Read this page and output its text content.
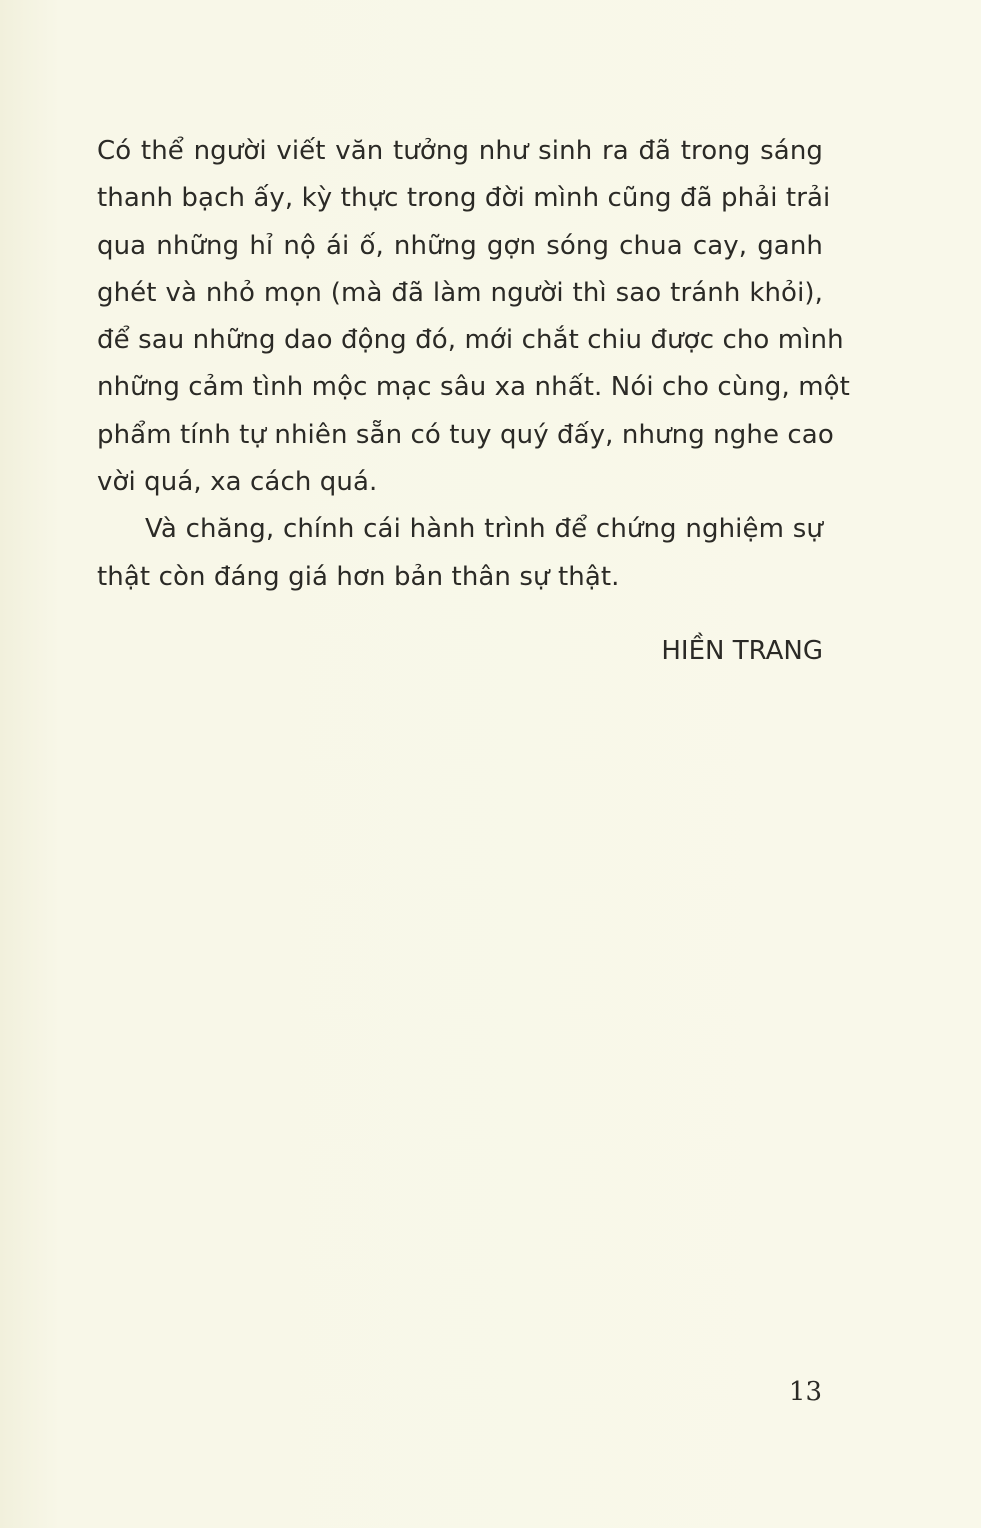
Có thể người viết văn tưởng như sinh ra đã trong sáng
thanh bạch ấy, kỳ thực trong đời mình cũng đã phải trải
qua những hỉ nộ ái ố, những gợn sóng chua cay, ganh
ghét và nhỏ mọn (mà đã làm người thì sao tránh khỏi),
để sau những dao động đó, mới chắt chiu được cho mình
những cảm tình mộc mạc sâu xa nhất. Nói cho cùng, một
phẩm tính tự nhiên sẵn có tuy quý đấy, nhưng nghe cao
vời quá, xa cách quá.
Và chăng, chính cái hành trình để chứng nghiệm sự
thật còn đáng giá hơn bản thân sự thật.
HIỀN TRANG
13
